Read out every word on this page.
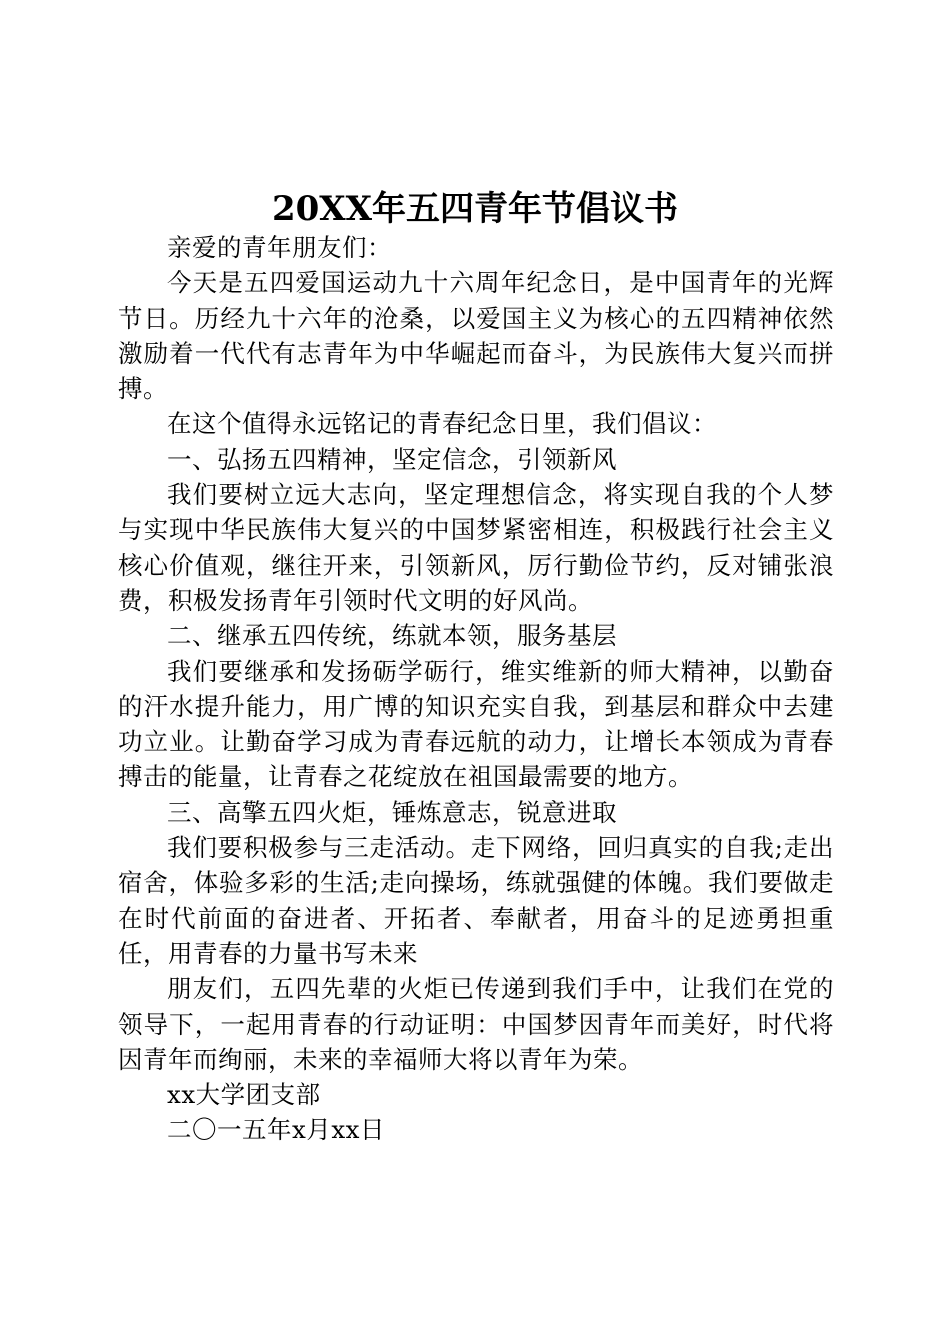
20XX年五四青年节倡议书

亲爱的青年朋友们：

今天是五四爱国运动九十六周年纪念日，是中国青年的光辉节日。历经九十六年的沧桑，以爱国主义为核心的五四精神依然激励着一代代有志青年为中华崛起而奋斗，为民族伟大复兴而拼搏。

在这个值得永远铭记的青春纪念日里，我们倡议：

一、弘扬五四精神，坚定信念，引领新风

我们要树立远大志向，坚定理想信念，将实现自我的个人梦与实现中华民族伟大复兴的中国梦紧密相连，积极践行社会主义核心价值观，继往开来，引领新风，厉行勤俭节约，反对铺张浪费，积极发扬青年引领时代文明的好风尚。

二、继承五四传统，练就本领，服务基层

我们要继承和发扬砺学砺行，维实维新的师大精神，以勤奋的汗水提升能力，用广博的知识充实自我，到基层和群众中去建功立业。让勤奋学习成为青春远航的动力，让增长本领成为青春搏击的能量，让青春之花绽放在祖国最需要的地方。

三、高擎五四火炬，锤炼意志，锐意进取

我们要积极参与三走活动。走下网络，回归真实的自我;走出宿舍，体验多彩的生活;走向操场，练就强健的体魄。我们要做走在时代前面的奋进者、开拓者、奉献者，用奋斗的足迹勇担重任，用青春的力量书写未来

朋友们，五四先辈的火炬已传递到我们手中，让我们在党的领导下，一起用青春的行动证明：中国梦因青年而美好，时代将因青年而绚丽，未来的幸福师大将以青年为荣。

xx大学团支部

二〇一五年x月xx日
